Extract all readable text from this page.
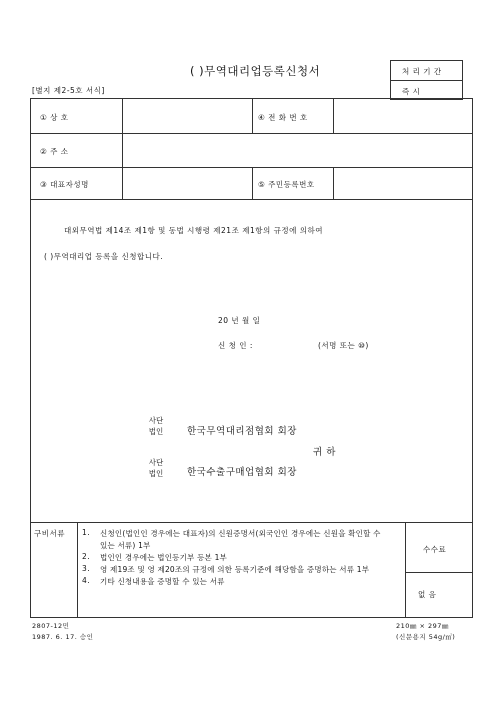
( )무역대리업등록신청서
[별지 제2-5호 서식]
처 리 기 간
즉 시
① 상 호	④ 전 화 번 호
② 주 소
③ 대표자성명	⑤ 주민등록번호
대외무역법 제14조 제1항 및 동법 시행령 제21조 제1항의 규정에 의하여
( )무역대리업 등록을 신청합니다.
20 년 월 일
신 청 인 :	(서명 또는 ⑩)
사단
법인	한국무역대리점협회 회장
귀 하
사단
법인	한국수출구매업협회 회장
구비서류 1. 신청인(법인인 경우에는 대표자)의 신원증명서(외국인인 경우에는 신원을 확인할 수
있는 서류) 1부
2. 법인인 경우에는 법인등기부 등본 1부
3. 영 제19조 및 영 제20조의 규정에 의한 등록기준에 해당함을 증명하는 서류 1부
4. 기타 신청내용을 증명할 수 있는 서류
수수료
없 음
2807-12민
1987. 6. 17. 승인
210㎜ × 297㎜
(신문용지 54g/㎡)
